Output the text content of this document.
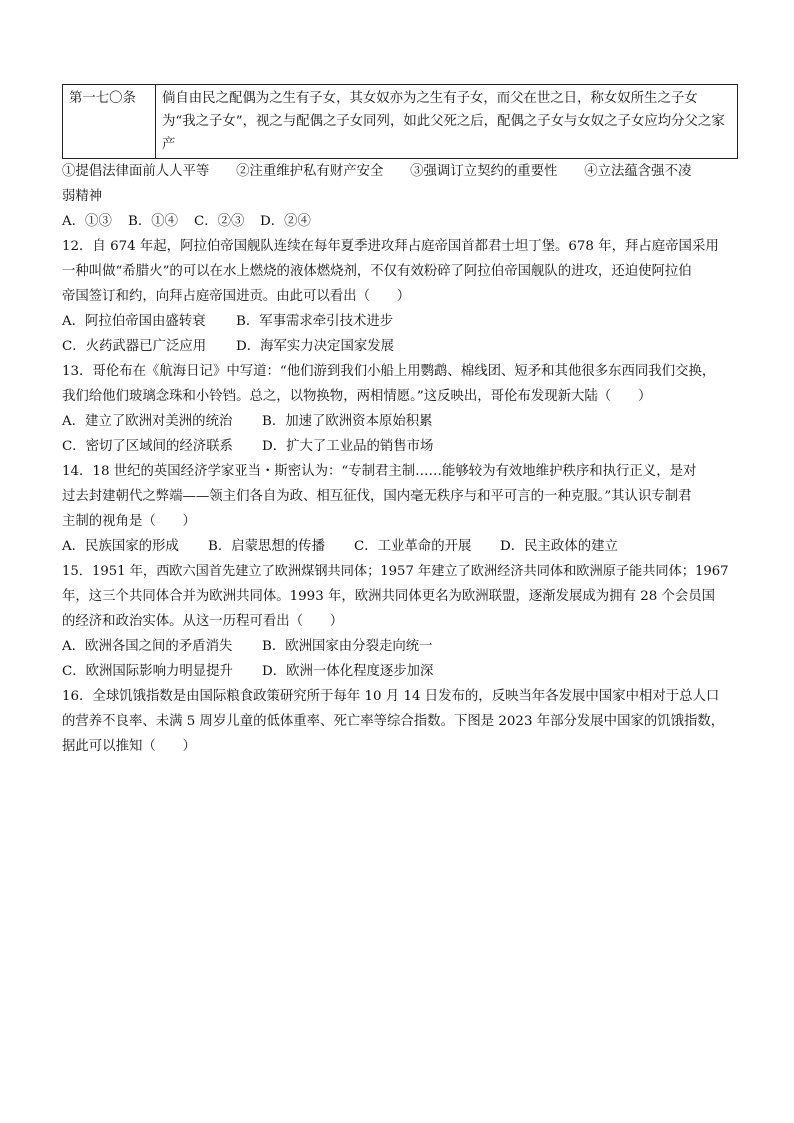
第一七〇条	倘自由民之配偶为之生有子女，其女奴亦为之生有子女，而父在世之日，称女奴所生之子女为“我之子女”，视之与配偶之子女同列，如此父死之后，配偶之子女与女奴之子女应均分父之家产
①提倡法律面前人人平等　　②注重维护私有财产安全　　③强调订立契约的重要性　　④立法蕴含强不凌
弱精神
A．①③	B．①④	C．②③	D．②④
12．自 674 年起，阿拉伯帝国舰队连续在每年夏季进攻拜占庭帝国首都君士坦丁堡。678 年，拜占庭帝国采用
一种叫做“希腊火”的可以在水上燃烧的液体燃烧剂，不仅有效粉碎了阿拉伯帝国舰队的进攻，还迫使阿拉伯
帝国签订和约，向拜占庭帝国进贡。由此可以看出（　　）
A．阿拉伯帝国由盛转衰	B．军事需求牵引技术进步
C．火药武器已广泛应用	D．海军实力决定国家发展
13．哥伦布在《航海日记》中写道：“他们游到我们小船上用鹦鹉、棉线团、短矛和其他很多东西同我们交换，
我们给他们玻璃念珠和小铃铛。总之，以物换物，两相情愿。”这反映出，哥伦布发现新大陆（　　）
A．建立了欧洲对美洲的统治	B．加速了欧洲资本原始积累
C．密切了区域间的经济联系	D．扩大了工业品的销售市场
14．18 世纪的英国经济学家亚当・斯密认为：“专制君主制……能够较为有效地维护秩序和执行正义，是对
过去封建朝代之弊端——领主们各自为政、相互征伐，国内毫无秩序与和平可言的一种克服。”其认识专制君
主制的视角是（　　）
A．民族国家的形成	B．启蒙思想的传播	C．工业革命的开展	D．民主政体的建立
15．1951 年，西欧六国首先建立了欧洲煤钢共同体；1957 年建立了欧洲经济共同体和欧洲原子能共同体；1967
年，这三个共同体合并为欧洲共同体。1993 年，欧洲共同体更名为欧洲联盟，逐渐发展成为拥有 28 个会员国
的经济和政治实体。从这一历程可看出（　　）
A．欧洲各国之间的矛盾消失	B．欧洲国家由分裂走向统一
C．欧洲国际影响力明显提升	D．欧洲一体化程度逐步加深
16．全球饥饿指数是由国际粮食政策研究所于每年 10 月 14 日发布的，反映当年各发展中国家中相对于总人口
的营养不良率、未满 5 周岁儿童的低体重率、死亡率等综合指数。下图是 2023 年部分发展中国家的饥饿指数，
据此可以推知（　　）
